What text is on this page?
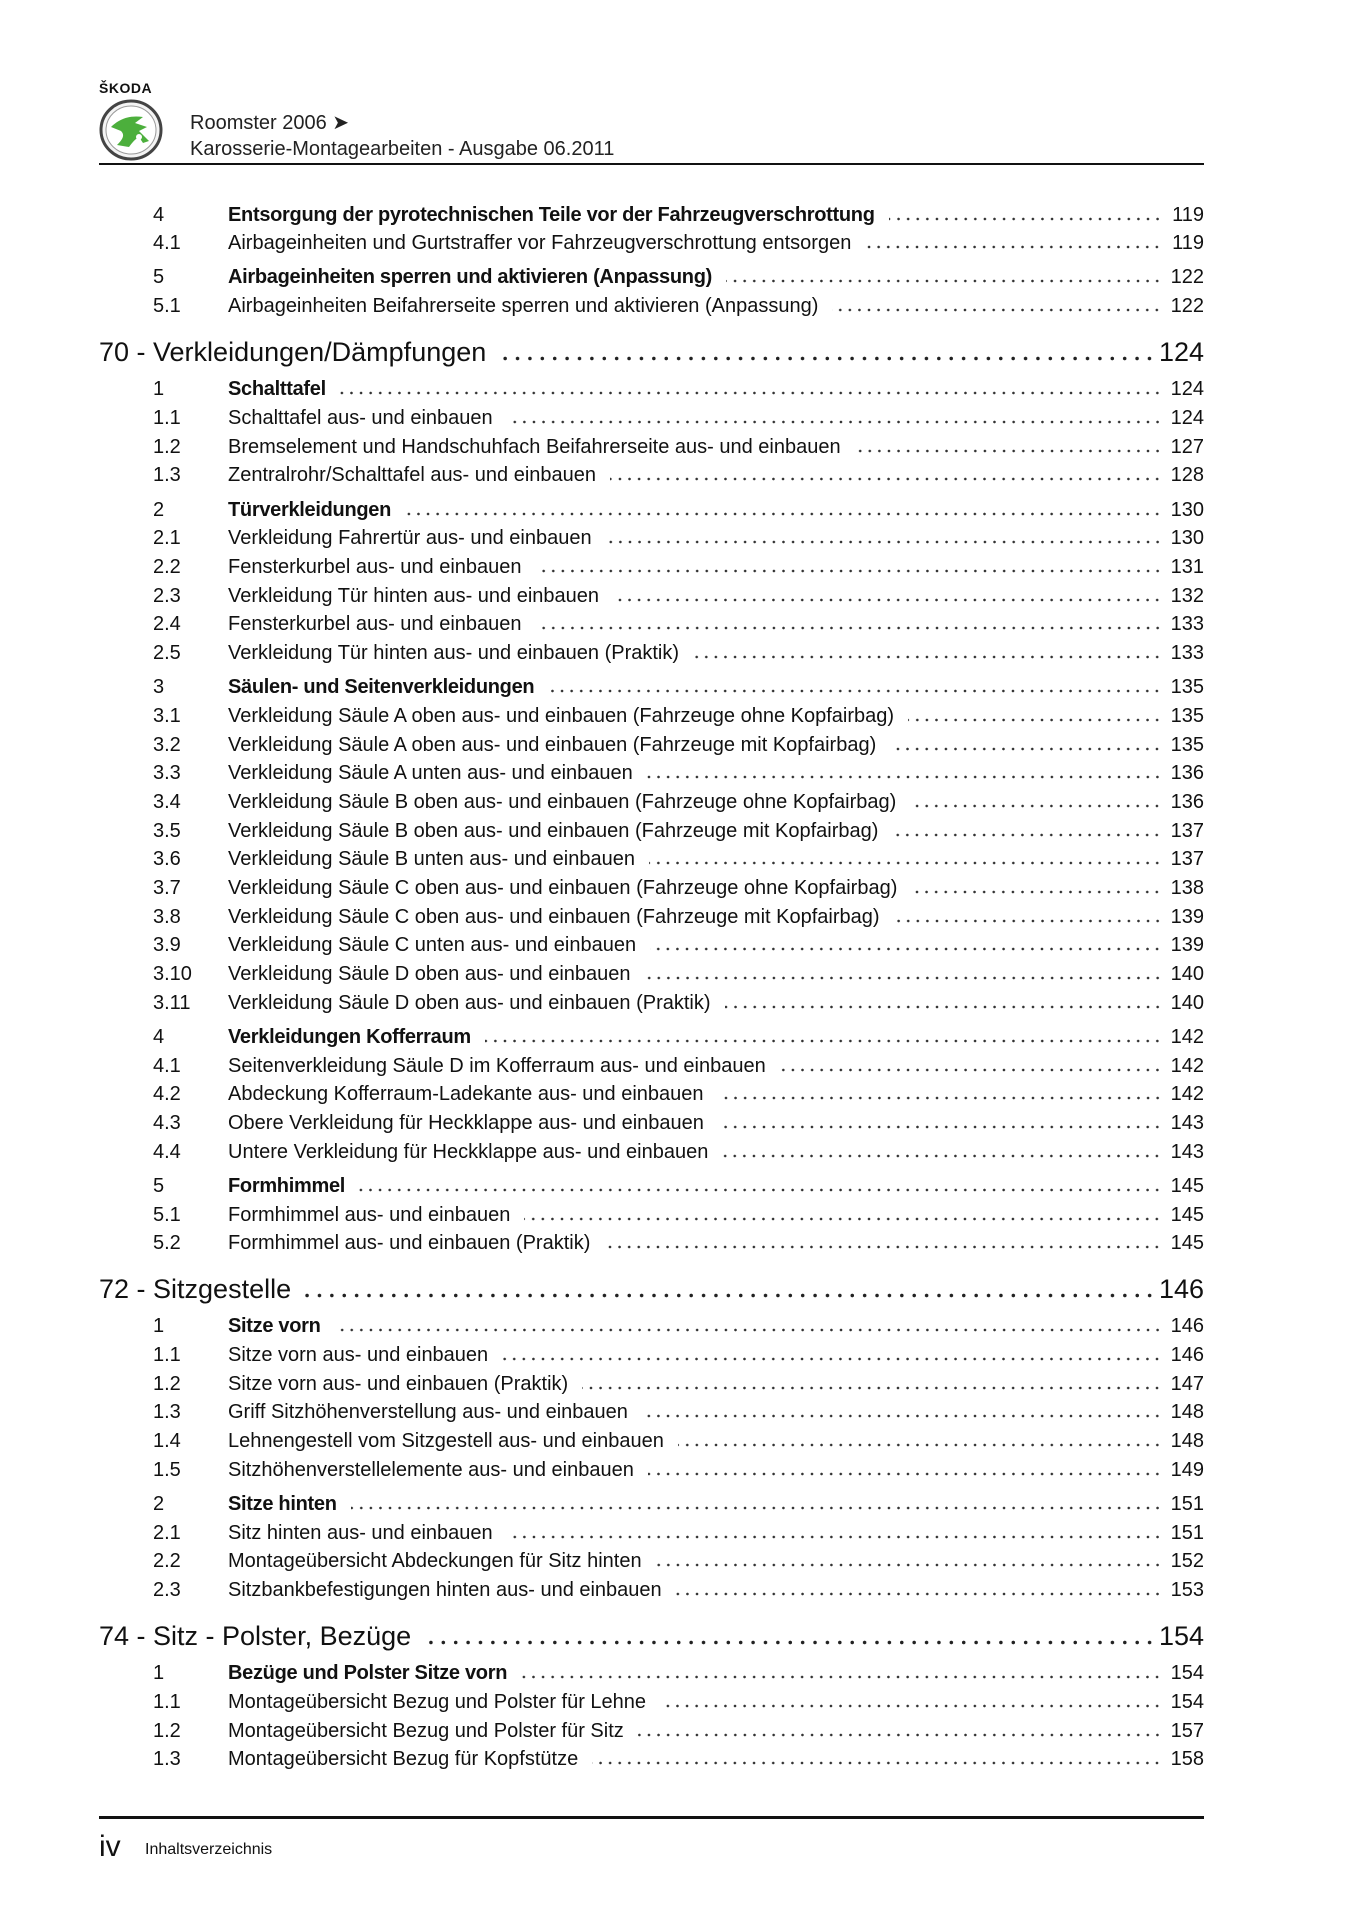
ŠKODA
Roomster 2006 ➤
Karosserie-Montagearbeiten - Ausgabe 06.2011
4	Entsorgung der pyrotechnischen Teile vor der Fahrzeugverschrottung	119
4.1	Airbageinheiten und Gurtstraffer vor Fahrzeugverschrottung entsorgen	119
5	Airbageinheiten sperren und aktivieren (Anpassung)	122
5.1	Airbageinheiten Beifahrerseite sperren und aktivieren (Anpassung)	122
70 - Verkleidungen/Dämpfungen	124
1	Schalttafel	124
1.1	Schalttafel aus- und einbauen	124
1.2	Bremselement und Handschuhfach Beifahrerseite aus- und einbauen	127
1.3	Zentralrohr/Schalttafel aus- und einbauen	128
2	Türverkleidungen	130
2.1	Verkleidung Fahrertür aus- und einbauen	130
2.2	Fensterkurbel aus- und einbauen	131
2.3	Verkleidung Tür hinten aus- und einbauen	132
2.4	Fensterkurbel aus- und einbauen	133
2.5	Verkleidung Tür hinten aus- und einbauen (Praktik)	133
3	Säulen- und Seitenverkleidungen	135
3.1	Verkleidung Säule A oben aus- und einbauen (Fahrzeuge ohne Kopfairbag)	135
3.2	Verkleidung Säule A oben aus- und einbauen (Fahrzeuge mit Kopfairbag)	135
3.3	Verkleidung Säule A unten aus- und einbauen	136
3.4	Verkleidung Säule B oben aus- und einbauen (Fahrzeuge ohne Kopfairbag)	136
3.5	Verkleidung Säule B oben aus- und einbauen (Fahrzeuge mit Kopfairbag)	137
3.6	Verkleidung Säule B unten aus- und einbauen	137
3.7	Verkleidung Säule C oben aus- und einbauen (Fahrzeuge ohne Kopfairbag)	138
3.8	Verkleidung Säule C oben aus- und einbauen (Fahrzeuge mit Kopfairbag)	139
3.9	Verkleidung Säule C unten aus- und einbauen	139
3.10	Verkleidung Säule D oben aus- und einbauen	140
3.11	Verkleidung Säule D oben aus- und einbauen (Praktik)	140
4	Verkleidungen Kofferraum	142
4.1	Seitenverkleidung Säule D im Kofferraum aus- und einbauen	142
4.2	Abdeckung Kofferraum-Ladekante aus- und einbauen	142
4.3	Obere Verkleidung für Heckklappe aus- und einbauen	143
4.4	Untere Verkleidung für Heckklappe aus- und einbauen	143
5	Formhimmel	145
5.1	Formhimmel aus- und einbauen	145
5.2	Formhimmel aus- und einbauen (Praktik)	145
72 - Sitzgestelle	146
1	Sitze vorn	146
1.1	Sitze vorn aus- und einbauen	146
1.2	Sitze vorn aus- und einbauen (Praktik)	147
1.3	Griff Sitzhöhenverstellung aus- und einbauen	148
1.4	Lehnengestell vom Sitzgestell aus- und einbauen	148
1.5	Sitzhöhenverstellelemente aus- und einbauen	149
2	Sitze hinten	151
2.1	Sitz hinten aus- und einbauen	151
2.2	Montageübersicht Abdeckungen für Sitz hinten	152
2.3	Sitzbankbefestigungen hinten aus- und einbauen	153
74 - Sitz - Polster, Bezüge	154
1	Bezüge und Polster Sitze vorn	154
1.1	Montageübersicht Bezug und Polster für Lehne	154
1.2	Montageübersicht Bezug und Polster für Sitz	157
1.3	Montageübersicht Bezug für Kopfstütze	158
iv Inhaltsverzeichnis
